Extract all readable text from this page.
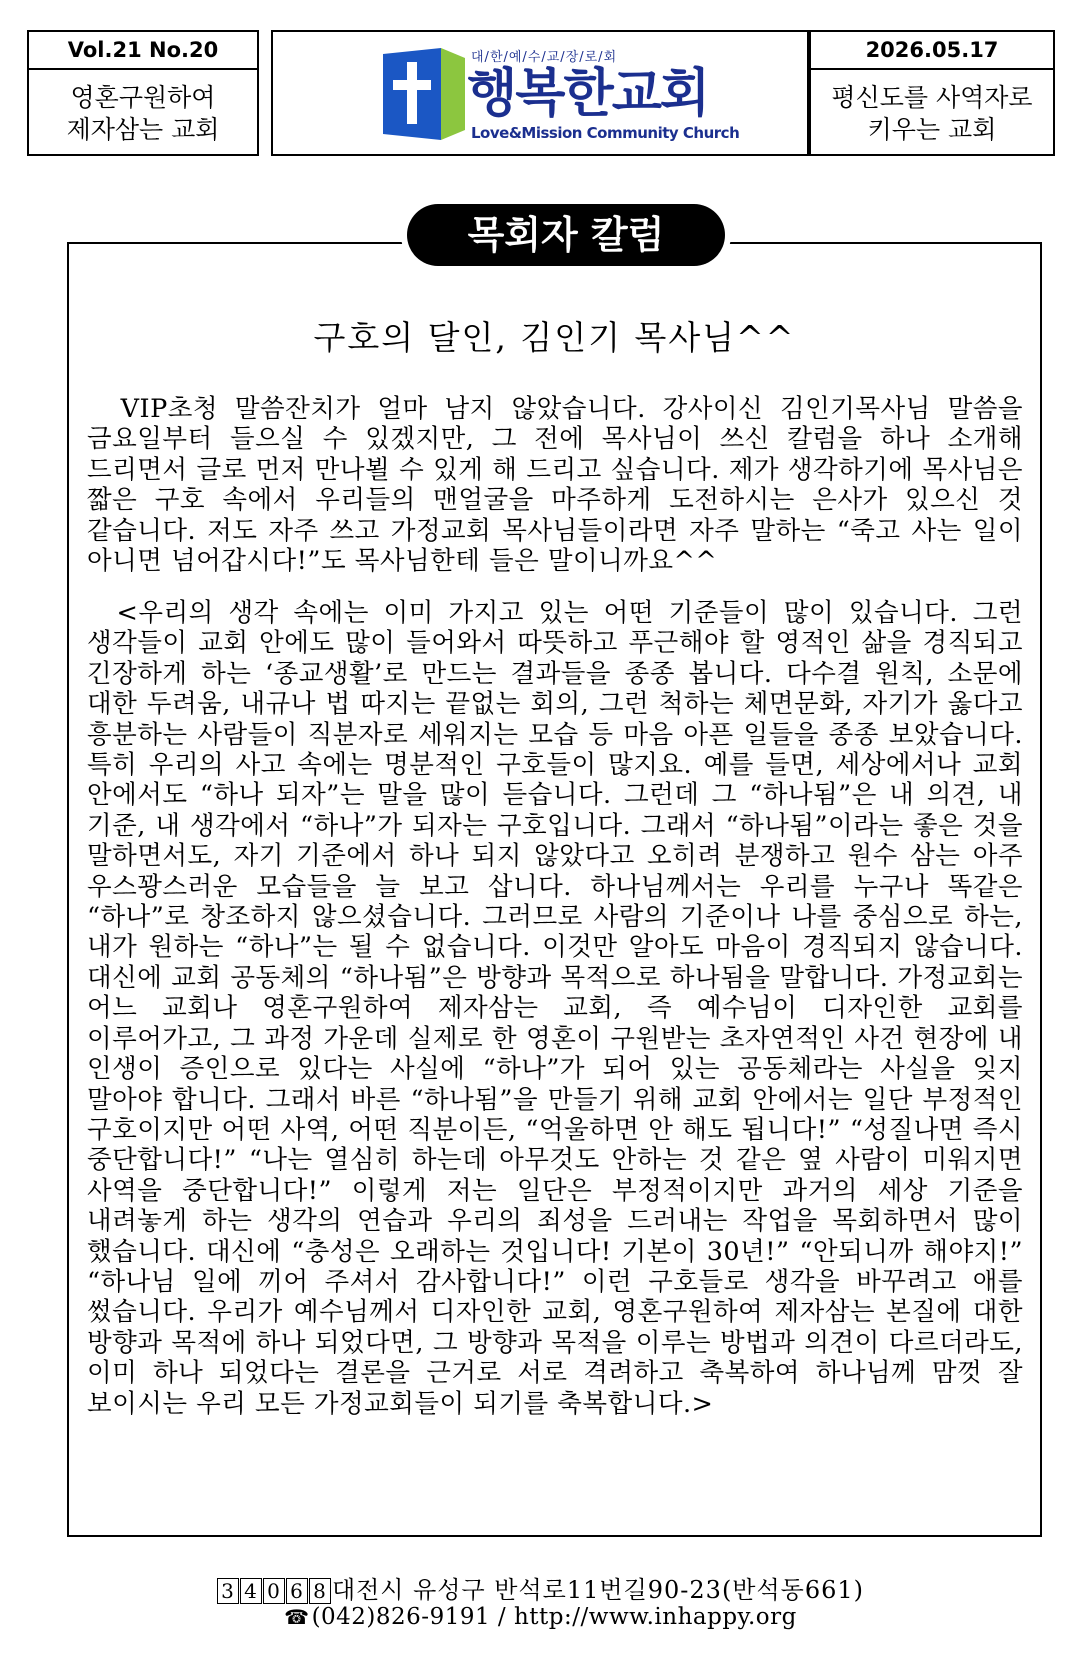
Vol.21 No.20
영혼구원하여
제자삼는 교회
대/한/예/수/교/장/로/회
행복한교회
Love&Mission Community Church
2026.05.17
평신도를 사역자로
키우는 교회
목회자 칼럼
구호의 달인, 김인기 목사님^^
VIP초청 말씀잔치가 얼마 남지 않았습니다. 강사이신 김인기목사님 말씀을 금요일부터 들으실 수 있겠지만, 그 전에 목사님이 쓰신 칼럼을 하나 소개해 드리면서 글로 먼저 만나뵐 수 있게 해 드리고 싶습니다. 제가 생각하기에 목사님은 짧은 구호 속에서 우리들의 맨얼굴을 마주하게 도전하시는 은사가 있으신 것 같습니다. 저도 자주 쓰고 가정교회 목사님들이라면 자주 말하는 “죽고 사는 일이 아니면 넘어갑시다!”도 목사님한테 들은 말이니까요^^
<우리의 생각 속에는 이미 가지고 있는 어떤 기준들이 많이 있습니다. 그런 생각들이 교회 안에도 많이 들어와서 따뜻하고 푸근해야 할 영적인 삶을 경직되고 긴장하게 하는 ‘종교생활’로 만드는 결과들을 종종 봅니다. 다수결 원칙, 소문에 대한 두려움, 내규나 법 따지는 끝없는 회의, 그런 척하는 체면문화, 자기가 옳다고 흥분하는 사람들이 직분자로 세워지는 모습 등 마음 아픈 일들을 종종 보았습니다. 특히 우리의 사고 속에는 명분적인 구호들이 많지요. 예를 들면, 세상에서나 교회 안에서도 “하나 되자”는 말을 많이 듣습니다. 그런데 그 “하나됨”은 내 의견, 내 기준, 내 생각에서 “하나”가 되자는 구호입니다. 그래서 “하나됨”이라는 좋은 것을 말하면서도, 자기 기준에서 하나 되지 않았다고 오히려 분쟁하고 원수 삼는 아주 우스꽝스러운 모습들을 늘 보고 삽니다. 하나님께서는 우리를 누구나 똑같은 “하나”로 창조하지 않으셨습니다. 그러므로 사람의 기준이나 나를 중심으로 하는, 내가 원하는 “하나”는 될 수 없습니다. 이것만 알아도 마음이 경직되지 않습니다. 대신에 교회 공동체의 “하나됨”은 방향과 목적으로 하나됨을 말합니다. 가정교회는 어느 교회나 영혼구원하여 제자삼는 교회, 즉 예수님이 디자인한 교회를 이루어가고, 그 과정 가운데 실제로 한 영혼이 구원받는 초자연적인 사건 현장에 내 인생이 증인으로 있다는 사실에 “하나”가 되어 있는 공동체라는 사실을 잊지 말아야 합니다. 그래서 바른 “하나됨”을 만들기 위해 교회 안에서는 일단 부정적인 구호이지만 어떤 사역, 어떤 직분이든, “억울하면 안 해도 됩니다!” “성질나면 즉시 중단합니다!” “나는 열심히 하는데 아무것도 안하는 것 같은 옆 사람이 미워지면 사역을 중단합니다!” 이렇게 저는 일단은 부정적이지만 과거의 세상 기준을 내려놓게 하는 생각의 연습과 우리의 죄성을 드러내는 작업을 목회하면서 많이 했습니다. 대신에 “충성은 오래하는 것입니다! 기본이 30년!” “안되니까 해야지!” “하나님 일에 끼어 주셔서 감사합니다!” 이런 구호들로 생각을 바꾸려고 애를 썼습니다. 우리가 예수님께서 디자인한 교회, 영혼구원하여 제자삼는 본질에 대한 방향과 목적에 하나 되었다면, 그 방향과 목적을 이루는 방법과 의견이 다르더라도, 이미 하나 되었다는 결론을 근거로 서로 격려하고 축복하여 하나님께 맘껏 잘 보이시는 우리 모든 가정교회들이 되기를 축복합니다.>
3 4 0 6 8 대전시 유성구 반석로11번길90-23(반석동661)
☎(042)826-9191 / http://www.inhappy.org
